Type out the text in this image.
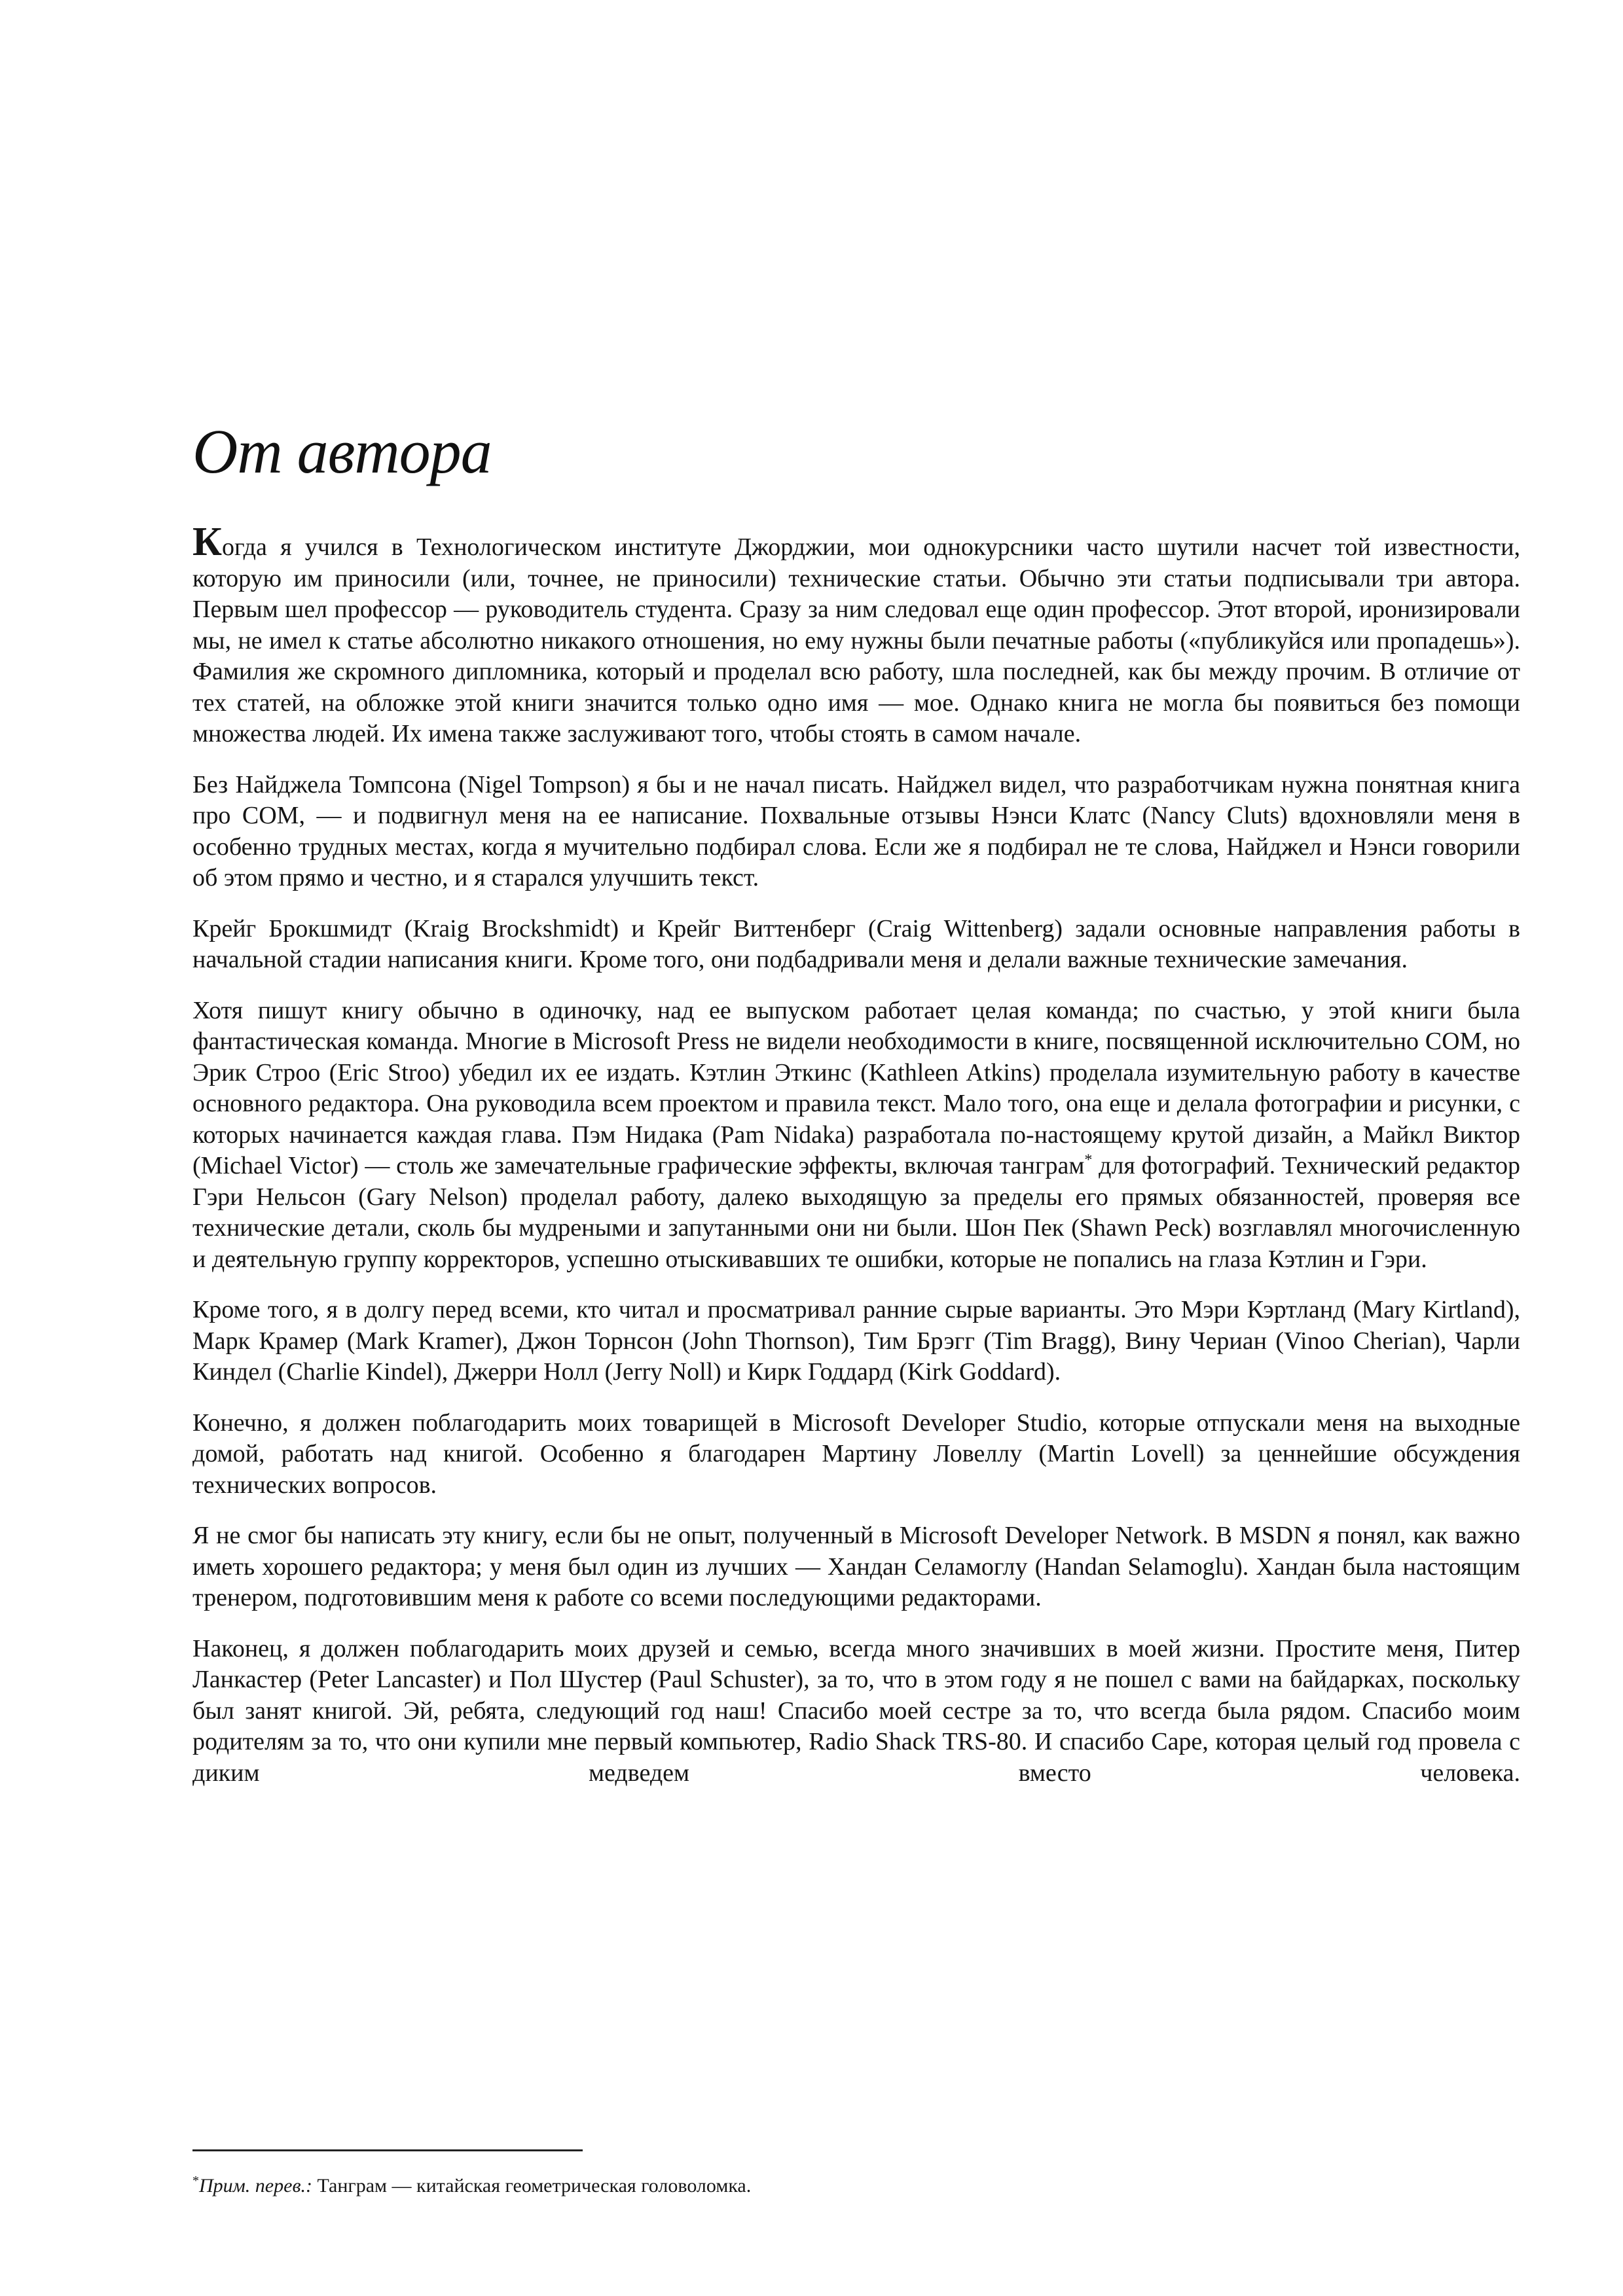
От автора

Когда я учился в Технологическом институте Джорджии, мои однокурсники часто шутили насчет той известности, которую им приносили (или, точнее, не приносили) технические статьи. Обычно эти статьи подписывали три автора. Первым шел профессор — руководитель студента. Сразу за ним следовал еще один профессор. Этот второй, иронизировали мы, не имел к статье абсолютно никакого отношения, но ему нужны были печатные работы («публикуйся или пропадешь»). Фамилия же скромного дипломника, который и проделал всю работу, шла последней, как бы между прочим. В отличие от тех статей, на обложке этой книги значится только одно имя — мое. Однако книга не могла бы появиться без помощи множества людей. Их имена также заслуживают того, чтобы стоять в самом начале.

Без Найджела Томпсона (Nigel Tompson) я бы и не начал писать. Найджел видел, что разработчикам нужна понятная книга про COM, — и подвигнул меня на ее написание. Похвальные отзывы Нэнси Клатс (Nancy Cluts) вдохновляли меня в особенно трудных местах, когда я мучительно подбирал слова. Если же я подбирал не те слова, Найджел и Нэнси говорили об этом прямо и честно, и я старался улучшить текст.

Крейг Брокшмидт (Kraig Brockshmidt) и Крейг Виттенберг (Craig Wittenberg) задали основные направления работы в начальной стадии написания книги. Кроме того, они подбадривали меня и делали важные технические замечания.

Хотя пишут книгу обычно в одиночку, над ее выпуском работает целая команда; по счастью, у этой книги была фантастическая команда. Многие в Microsoft Press не видели необходимости в книге, посвященной исключительно COM, но Эрик Строо (Eric Stroo) убедил их ее издать. Кэтлин Эткинс (Kathleen Atkins) проделала изумительную работу в качестве основного редактора. Она руководила всем проектом и правила текст. Мало того, она еще и делала фотографии и рисунки, с которых начинается каждая глава. Пэм Нидака (Pam Nidaka) разработала по-настоящему крутой дизайн, а Майкл Виктор (Michael Victor) — столь же замечательные графические эффекты, включая танграм* для фотографий. Технический редактор Гэри Нельсон (Gary Nelson) проделал работу, далеко выходящую за пределы его прямых обязанностей, проверяя все технические детали, сколь бы мудреными и запутанными они ни были. Шон Пек (Shawn Peck) возглавлял многочисленную и деятельную группу корректоров, успешно отыскивавших те ошибки, которые не попались на глаза Кэтлин и Гэри.

Кроме того, я в долгу перед всеми, кто читал и просматривал ранние сырые варианты. Это Мэри Кэртланд (Mary Kirtland), Марк Крамер (Mark Kramer), Джон Торнсон (John Thornson), Тим Брэгг (Tim Bragg), Вину Чериан (Vinoo Cherian), Чарли Киндел (Charlie Kindel), Джерри Нолл (Jerry Noll) и Кирк Годдард (Kirk Goddard).

Конечно, я должен поблагодарить моих товарищей в Microsoft Developer Studio, которые отпускали меня на выходные домой, работать над книгой. Особенно я благодарен Мартину Ловеллу (Martin Lovell) за ценнейшие обсуждения технических вопросов.

Я не смог бы написать эту книгу, если бы не опыт, полученный в Microsoft Developer Network. В MSDN я понял, как важно иметь хорошего редактора; у меня был один из лучших — Хандан Селамоглу (Handan Selamoglu). Хандан была настоящим тренером, подготовившим меня к работе со всеми последующими редакторами.

Наконец, я должен поблагодарить моих друзей и семью, всегда много значивших в моей жизни. Простите меня, Питер Ланкастер (Peter Lancaster) и Пол Шустер (Paul Schuster), за то, что в этом году я не пошел с вами на байдарках, поскольку был занят книгой. Эй, ребята, следующий год наш! Спасибо моей сестре за то, что всегда была рядом. Спасибо моим родителям за то, что они купили мне первый компьютер, Radio Shack TRS-80. И спасибо Саре, которая целый год провела с диким медведем вместо человека.

*Прим. перев.: Танграм — китайская геометрическая головоломка.
